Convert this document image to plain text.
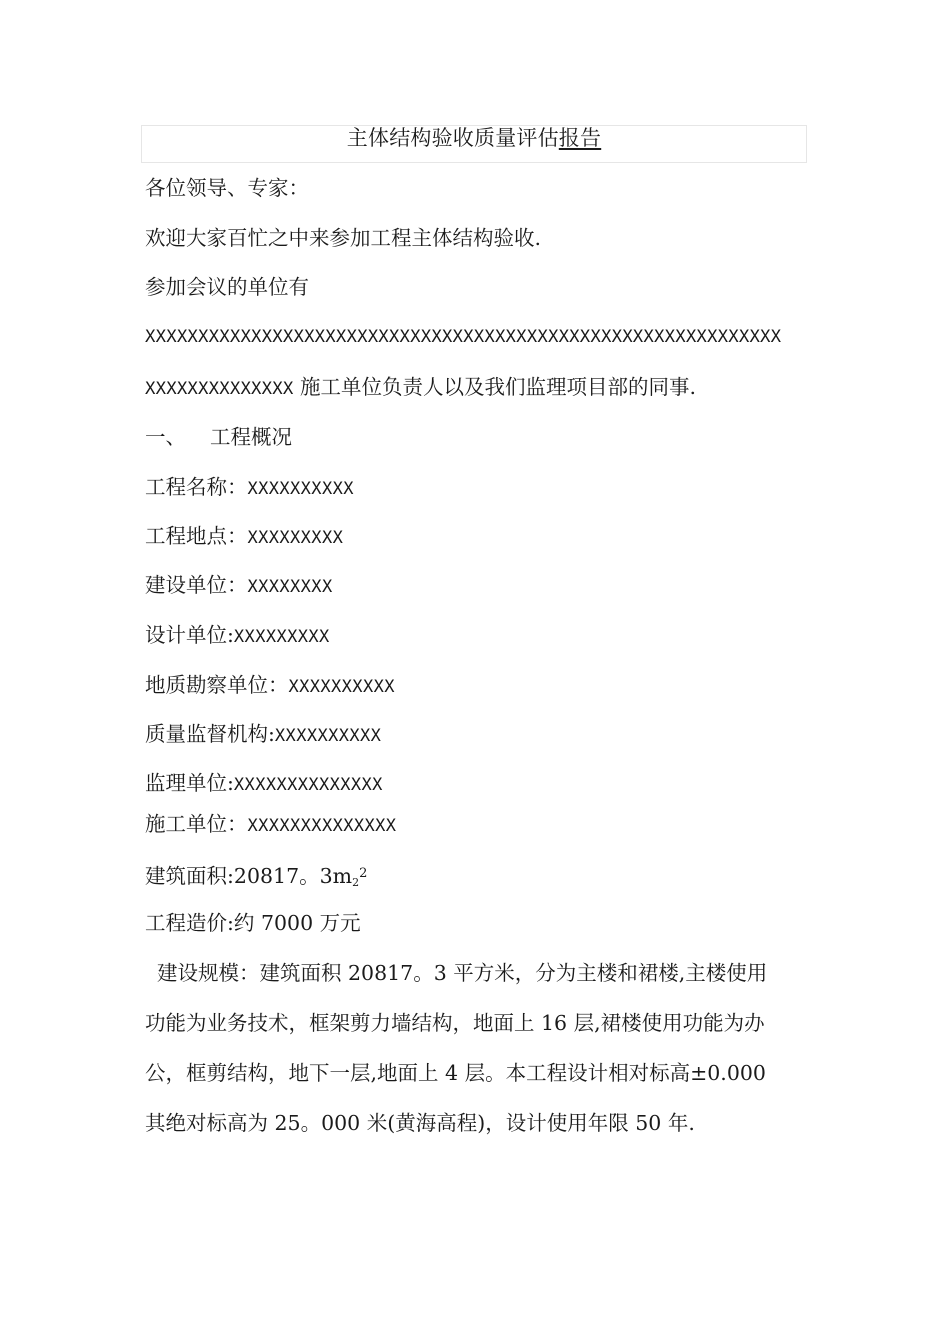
主体结构验收质量评估报告
各位领导、专家：
欢迎大家百忙之中来参加工程主体结构验收.
参加会议的单位有
XXXXXXXXXXXXXXXXXXXXXXXXXXXXXXXXXXXXXXXXXXXXXXXXXXXXXXXXXXXX
XXXXXXXXXXXXXX 施工单位负责人以及我们监理项目部的同事.
一、 工程概况
工程名称：XXXXXXXXXX
工程地点：XXXXXXXXX
建设单位：XXXXXXXX
设计单位:XXXXXXXXX
地质勘察单位：XXXXXXXXXX
质量监督机构:XXXXXXXXXX
监理单位:XXXXXXXXXXXXXX
施工单位：XXXXXXXXXXXXXX
建筑面积:20817。$3m_2^2$
工程造价:约 7000 万元
建设规模：建筑面积 20817。3 平方米，分为主楼和裙楼,主楼使用
功能为业务技术，框架剪力墙结构，地面上 16 层,裙楼使用功能为办
公，框剪结构，地下一层,地面上 4 层。本工程设计相对标高±0.000
其绝对标高为 25。000 米(黄海高程)，设计使用年限 50 年.
